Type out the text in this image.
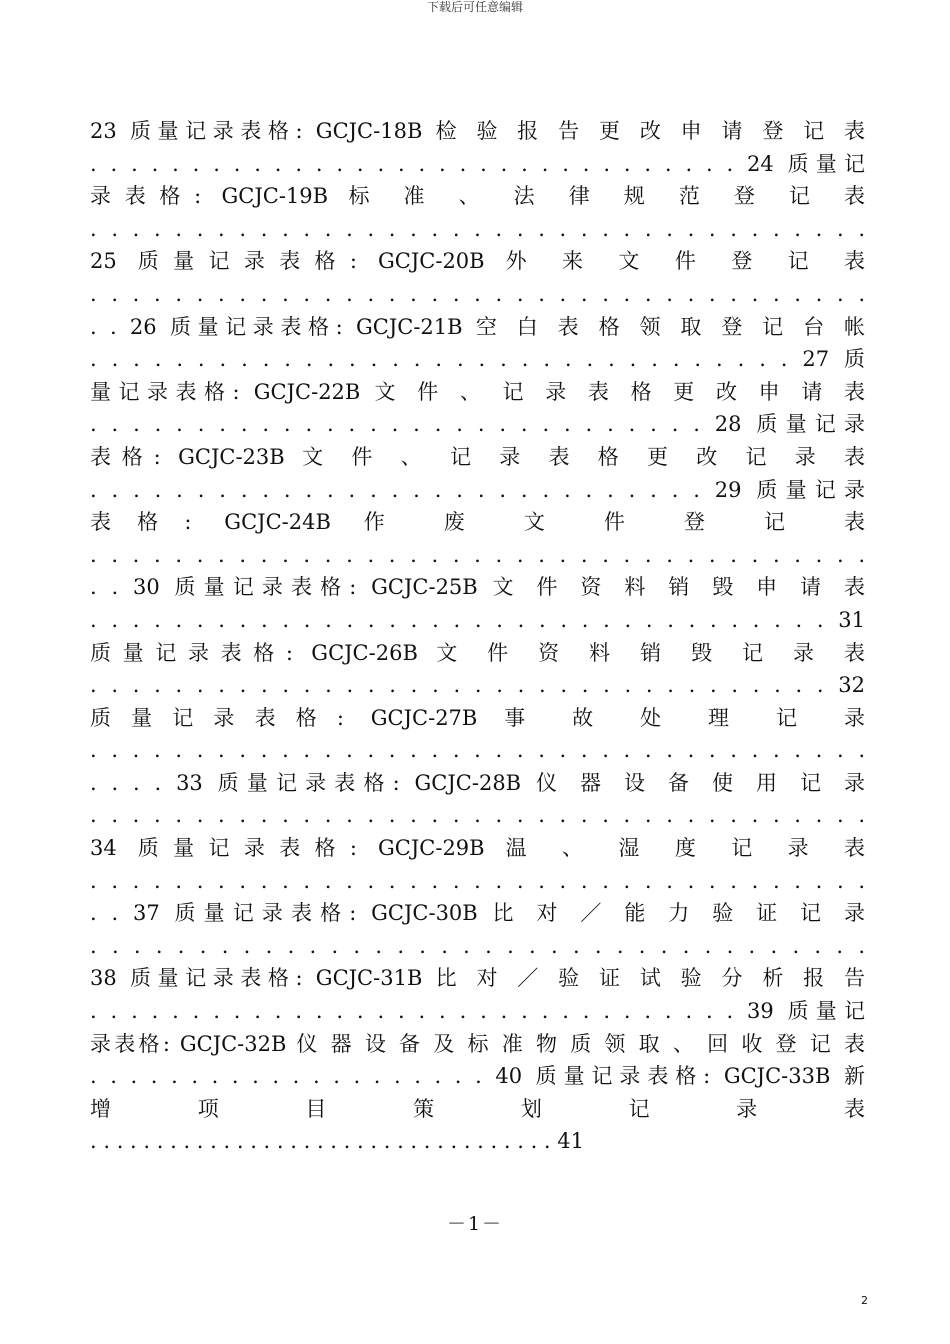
下载后可任意编辑
23 质量记录表格: GCJC-18B 检 验 报 告 更 改 申 请 登 记 表
. . . . . . . . . . . . . . . . . . . . . . . . . . . . . . . . 24 质量记
录表格: GCJC-19B 标 准 、 法 律 规 范 登 记 表
. . . . . . . . . . . . . . . . . . . . . . . . . . . . . . . . . . . . .
25 质量记录表格: GCJC-20B 外 来 文 件 登 记 表
. . . . . . . . . . . . . . . . . . . . . . . . . . . . . . . . . . . . .
. . 26 质量记录表格: GCJC-21B 空 白 表 格 领 取 登 记 台 帐
. . . . . . . . . . . . . . . . . . . . . . . . . . . . . . . . . 27 质
量记录表格: GCJC-22B 文 件 、 记 录 表 格 更 改 申 请 表
. . . . . . . . . . . . . . . . . . . . . . . . . . . . . 28 质量记录
表格: GCJC-23B 文 件 、 记 录 表 格 更 改 记 录 表
. . . . . . . . . . . . . . . . . . . . . . . . . . . . . 29 质量记录
表格: GCJC-24B 作 废 文 件 登 记 表
. . . . . . . . . . . . . . . . . . . . . . . . . . . . . . . . . . . . .
. . 30 质量记录表格: GCJC-25B 文 件 资 料 销 毁 申 请 表
. . . . . . . . . . . . . . . . . . . . . . . . . . . . . . . . . . . 31
质量记录表格: GCJC-26B 文 件 资 料 销 毁 记 录 表
. . . . . . . . . . . . . . . . . . . . . . . . . . . . . . . . . . . 32
质量记录表格: GCJC-27B 事 故 处 理 记 录
. . . . . . . . . . . . . . . . . . . . . . . . . . . . . . . . . . . . .
. . . . 33 质量记录表格: GCJC-28B 仪 器 设 备 使 用 记 录
. . . . . . . . . . . . . . . . . . . . . . . . . . . . . . . . . . . . .
34 质量记录表格: GCJC-29B 温 、 湿 度 记 录 表
. . . . . . . . . . . . . . . . . . . . . . . . . . . . . . . . . . . . .
. . 37 质量记录表格: GCJC-30B 比 对 ／ 能 力 验 证 记 录
. . . . . . . . . . . . . . . . . . . . . . . . . . . . . . . . . . . .
38 质量记录表格: GCJC-31B 比 对 ／ 验 证 试 验 分 析 报 告
. . . . . . . . . . . . . . . . . . . . . . . . . . . . . . . . 39 质量记
录表格: GCJC-32B 仪 器 设 备 及 标 准 物 质 领 取 、 回 收 登 记 表
. . . . . . . . . . . . . . . . . . . . 40 质量记录表格: GCJC-33B 新
增 项 目 策 划 记 录 表
. . . . . . . . . . . . . . . . . . . . . . . . . . . . . . . . . . . 41
－1－
2
